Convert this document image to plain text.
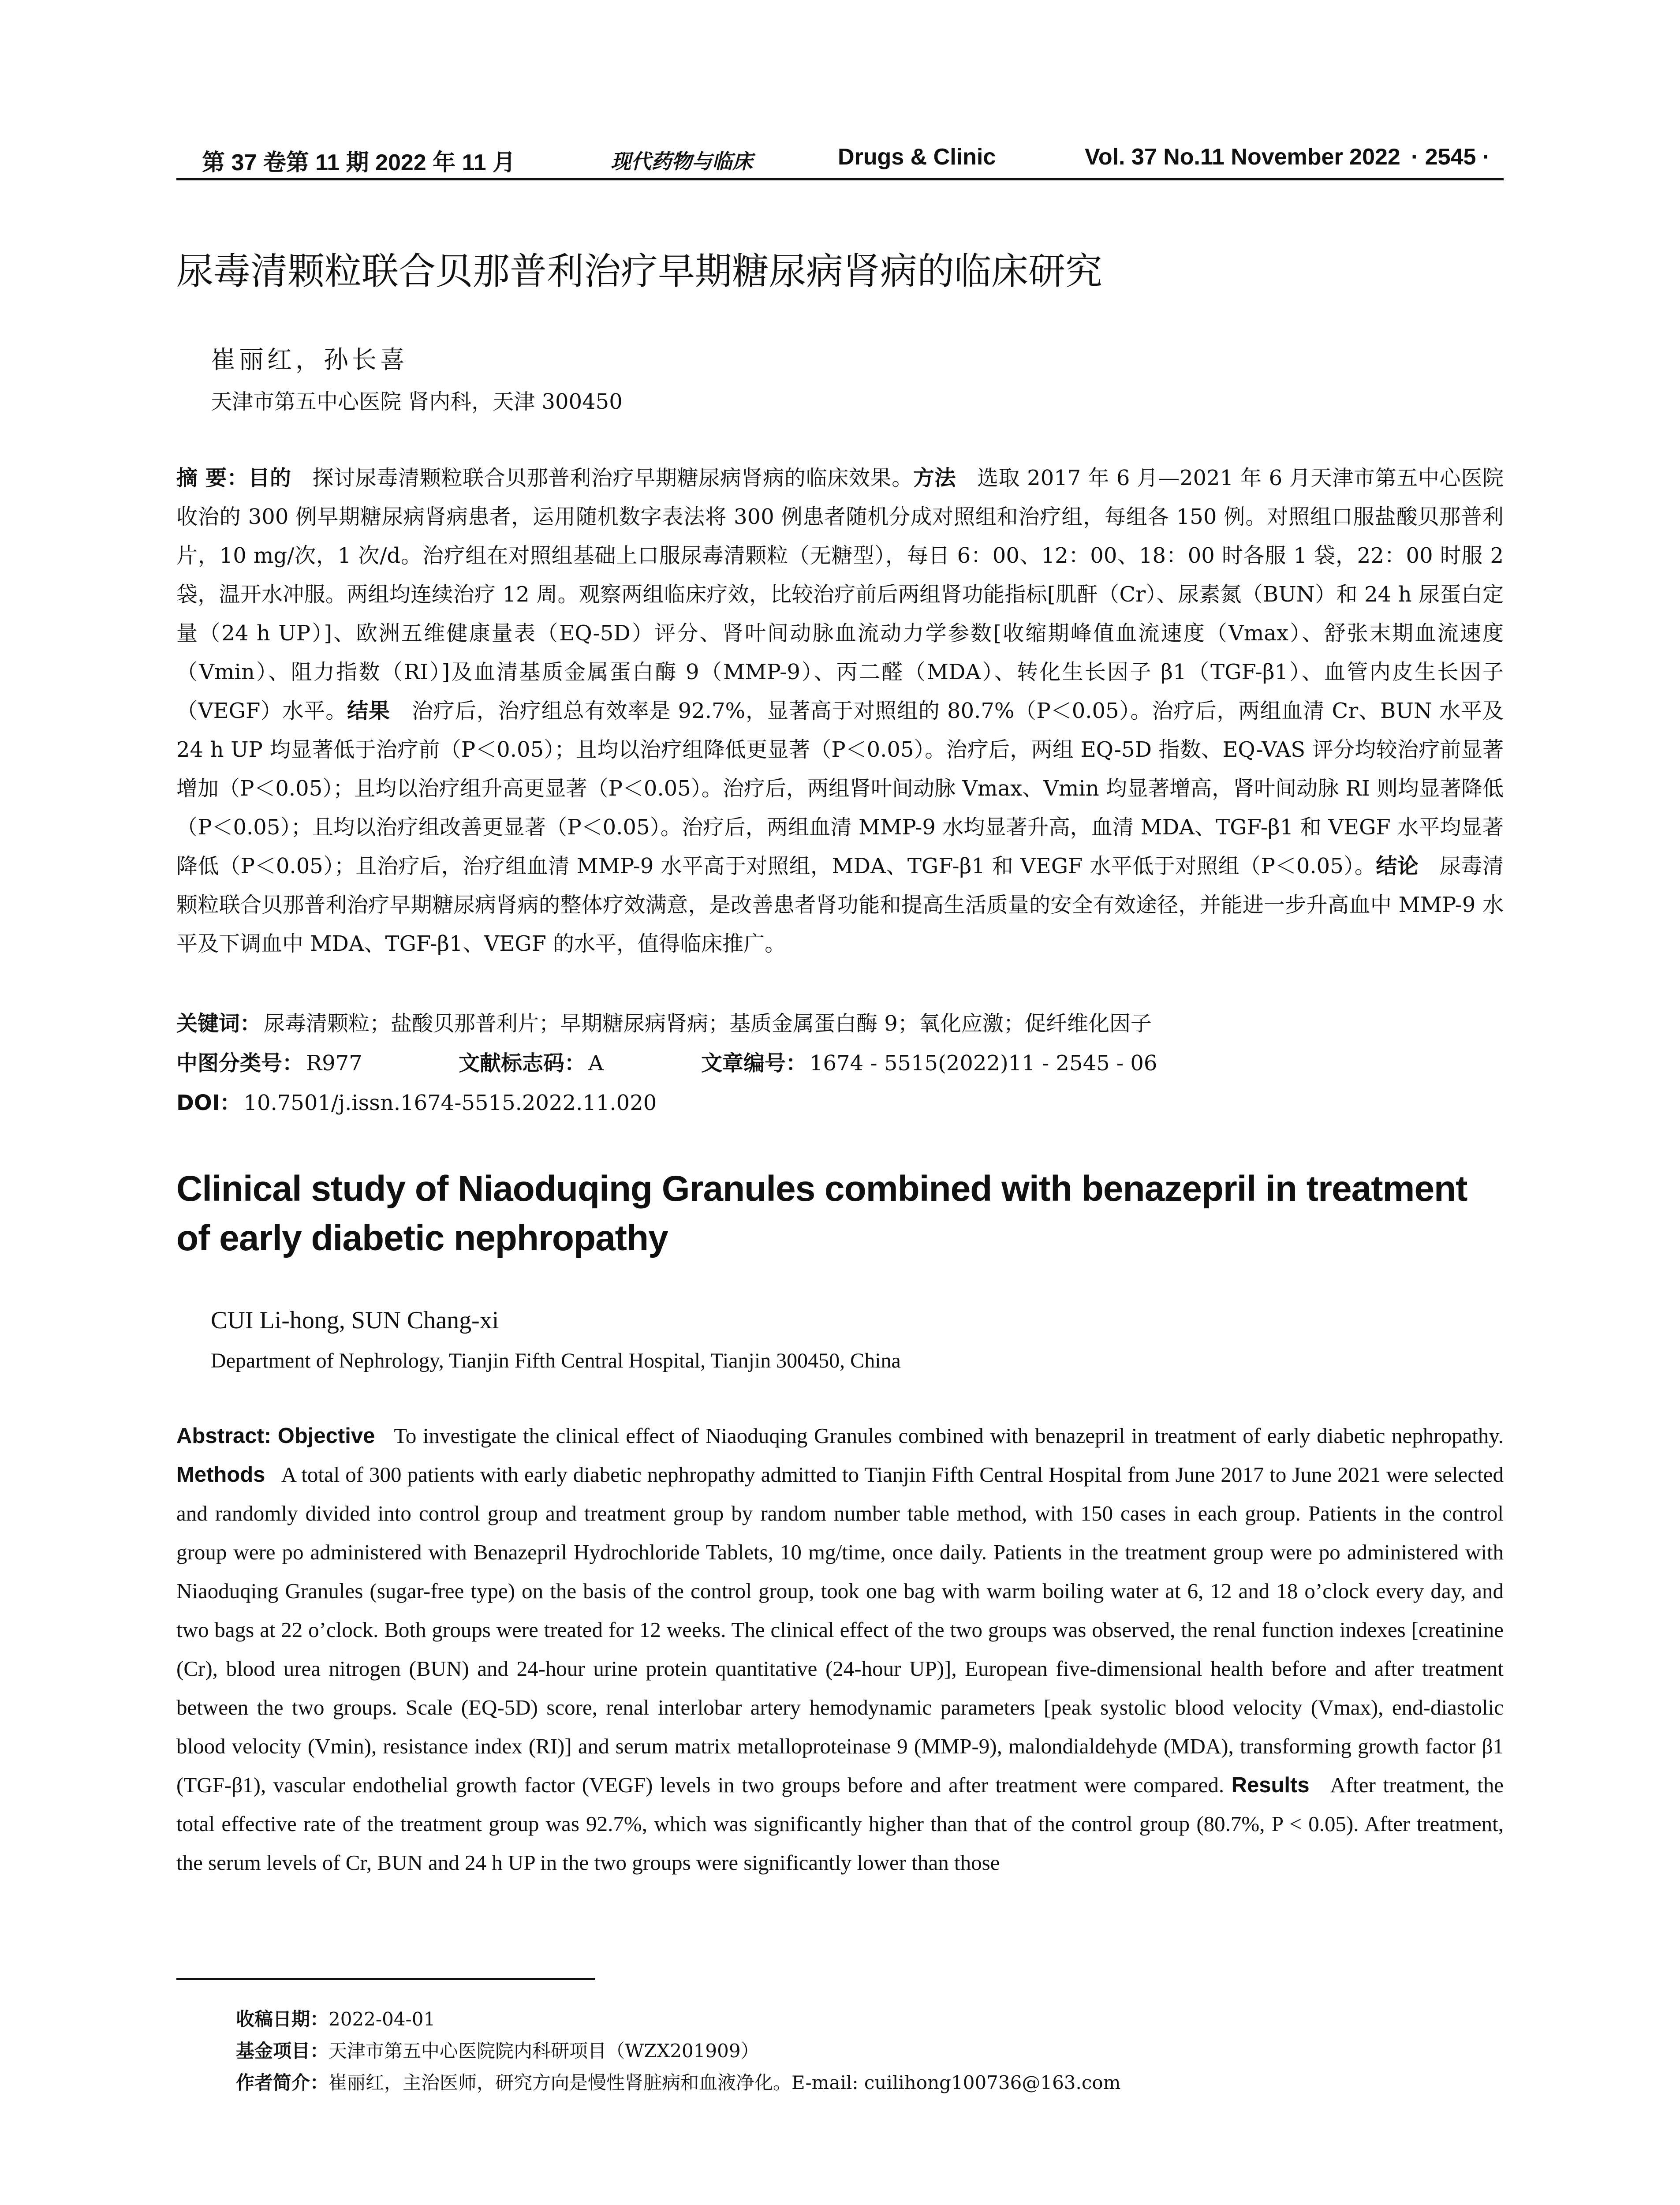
第 37 卷第 11 期 2022 年 11 月	现代药物与临床	Drugs & Clinic	Vol. 37 No.11 November 2022 · 2545 ·
尿毒清颗粒联合贝那普利治疗早期糖尿病肾病的临床研究
崔丽红，孙长喜
天津市第五中心医院 肾内科，天津 300450
摘 要：目的 探讨尿毒清颗粒联合贝那普利治疗早期糖尿病肾病的临床效果。方法 选取 2017 年 6 月—2021 年 6 月天津市第五中心医院收治的 300 例早期糖尿病肾病患者，运用随机数字表法将 300 例患者随机分成对照组和治疗组，每组各 150 例。对照组口服盐酸贝那普利片，10 mg/次，1 次/d。治疗组在对照组基础上口服尿毒清颗粒（无糖型），每日 6：00、12：00、18：00 时各服 1 袋，22：00 时服 2 袋，温开水冲服。两组均连续治疗 12 周。观察两组临床疗效，比较治疗前后两组肾功能指标[肌酐（Cr）、尿素氮（BUN）和 24 h 尿蛋白定量（24 h UP）]、欧洲五维健康量表（EQ-5D）评分、肾叶间动脉血流动力学参数[收缩期峰值血流速度（Vmax）、舒张末期血流速度（Vmin）、阻力指数（RI）]及血清基质金属蛋白酶 9（MMP-9）、丙二醛（MDA）、转化生长因子 β1（TGF-β1）、血管内皮生长因子（VEGF）水平。结果 治疗后，治疗组总有效率是 92.7%，显著高于对照组的 80.7%（P＜0.05）。治疗后，两组血清 Cr、BUN 水平及 24 h UP 均显著低于治疗前（P＜0.05）；且均以治疗组降低更显著（P＜0.05）。治疗后，两组 EQ-5D 指数、EQ-VAS 评分均较治疗前显著增加（P＜0.05）；且均以治疗组升高更显著（P＜0.05）。治疗后，两组肾叶间动脉 Vmax、Vmin 均显著增高，肾叶间动脉 RI 则均显著降低（P＜0.05）；且均以治疗组改善更显著（P＜0.05）。治疗后，两组血清 MMP-9 水均显著升高，血清 MDA、TGF-β1 和 VEGF 水平均显著降低（P＜0.05）；且治疗后，治疗组血清 MMP-9 水平高于对照组，MDA、TGF-β1 和 VEGF 水平低于对照组（P＜0.05）。结论 尿毒清颗粒联合贝那普利治疗早期糖尿病肾病的整体疗效满意，是改善患者肾功能和提高生活质量的安全有效途径，并能进一步升高血中 MMP-9 水平及下调血中 MDA、TGF-β1、VEGF 的水平，值得临床推广。
关键词： 尿毒清颗粒；盐酸贝那普利片；早期糖尿病肾病；基质金属蛋白酶 9；氧化应激；促纤维化因子
中图分类号： R977	文献标志码： A	文章编号： 1674 - 5515(2022)11 - 2545 - 06
DOI： 10.7501/j.issn.1674-5515.2022.11.020
Clinical study of Niaoduqing Granules combined with benazepril in treatment of early diabetic nephropathy
CUI Li-hong, SUN Chang-xi
Department of Nephrology, Tianjin Fifth Central Hospital, Tianjin 300450, China
Abstract: Objective To investigate the clinical effect of Niaoduqing Granules combined with benazepril in treatment of early diabetic nephropathy. Methods A total of 300 patients with early diabetic nephropathy admitted to Tianjin Fifth Central Hospital from June 2017 to June 2021 were selected and randomly divided into control group and treatment group by random number table method, with 150 cases in each group. Patients in the control group were po administered with Benazepril Hydrochloride Tablets, 10 mg/time, once daily. Patients in the treatment group were po administered with Niaoduqing Granules (sugar-free type) on the basis of the control group, took one bag with warm boiling water at 6, 12 and 18 o’clock every day, and two bags at 22 o’clock. Both groups were treated for 12 weeks. The clinical effect of the two groups was observed, the renal function indexes [creatinine (Cr), blood urea nitrogen (BUN) and 24-hour urine protein quantitative (24-hour UP)], European five-dimensional health before and after treatment between the two groups. Scale (EQ-5D) score, renal interlobar artery hemodynamic parameters [peak systolic blood velocity (Vmax), end-diastolic blood velocity (Vmin), resistance index (RI)] and serum matrix metalloproteinase 9 (MMP-9), malondialdehyde (MDA), transforming growth factor β1 (TGF-β1), vascular endothelial growth factor (VEGF) levels in two groups before and after treatment were compared. Results After treatment, the total effective rate of the treatment group was 92.7%, which was significantly higher than that of the control group (80.7%, P < 0.05). After treatment, the serum levels of Cr, BUN and 24 h UP in the two groups were significantly lower than those
收稿日期：2022-04-01
基金项目：天津市第五中心医院院内科研项目（WZX201909）
作者简介：崔丽红，主治医师，研究方向是慢性肾脏病和血液净化。E-mail: cuilihong100736@163.com
